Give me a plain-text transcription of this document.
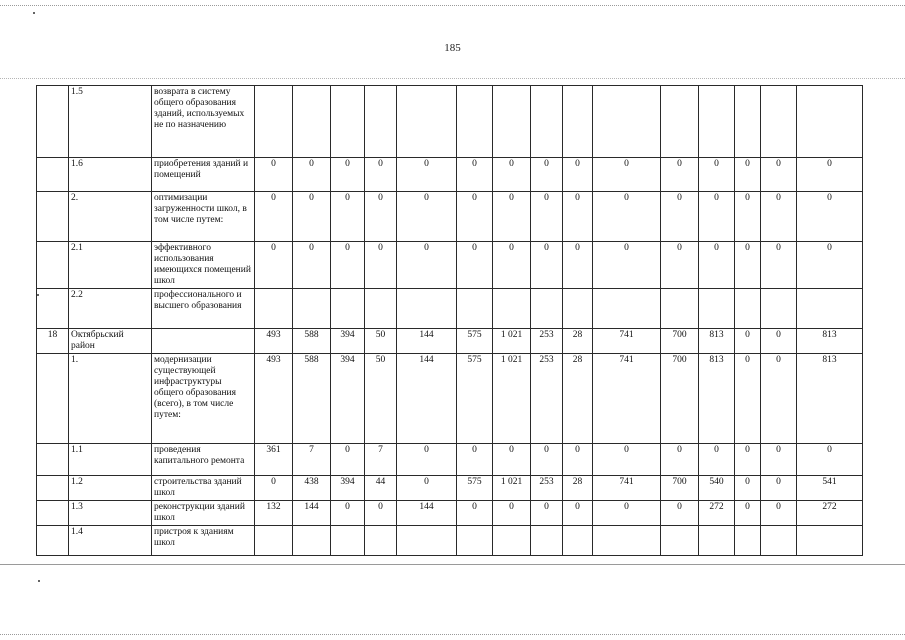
185
	1.5	возврата в систему общего образования зданий, используемых не по назначению															
	1.6	приобретения зданий и помещений	0	0	0	0	0	0	0	0	0	0	0	0	0	0	0
	2.	оптимизации загруженности школ, в том числе путем:	0	0	0	0	0	0	0	0	0	0	0	0	0	0	0
	2.1	эффективного использования имеющихся помещений школ	0	0	0	0	0	0	0	0	0	0	0	0	0	0	0
	2.2	профессионального и высшего образования															
18	Октябрьский район		493	588	394	50	144	575	1 021	253	28	741	700	813	0	0	813
	1.	модернизации существующей инфраструктуры общего образования (всего), в том числе путем:	493	588	394	50	144	575	1 021	253	28	741	700	813	0	0	813
	1.1	проведения капитального ремонта	361	7	0	7	0	0	0	0	0	0	0	0	0	0	0
	1.2	строительства зданий школ	0	438	394	44	0	575	1 021	253	28	741	700	540	0	0	541
	1.3	реконструкции зданий школ	132	144	0	0	144	0	0	0	0	0	0	272	0	0	272
	1.4	пристроя к зданиям школ															
